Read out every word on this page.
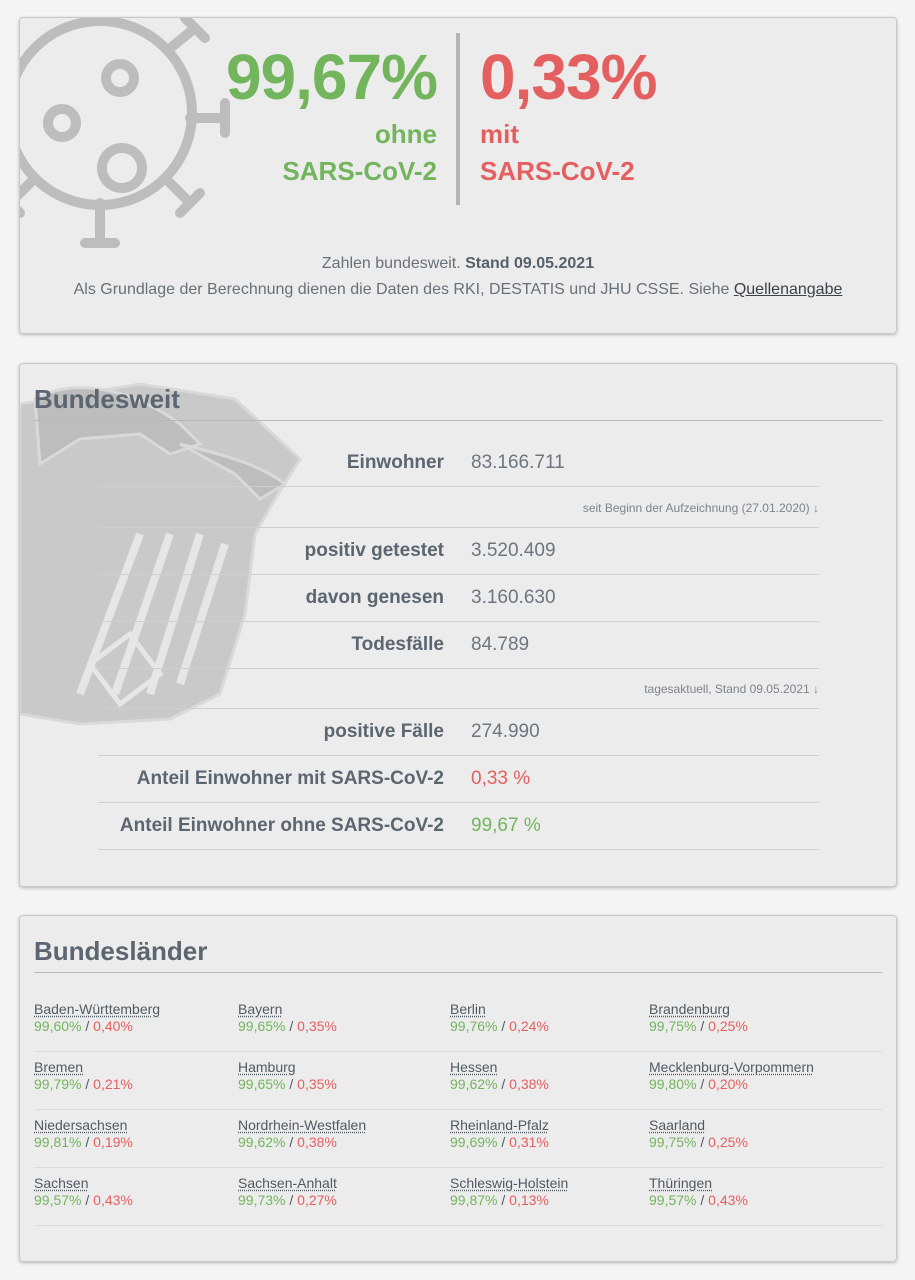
99,67%
ohne
SARS-CoV-2
0,33%
mit
SARS-CoV-2
Zahlen bundesweit. Stand 09.05.2021
Als Grundlage der Berechnung dienen die Daten des RKI, DESTATIS und JHU CSSE. Siehe Quellenangabe
Bundesweit
Einwohner 83.166.711
seit Beginn der Aufzeichnung (27.01.2020) ↓
positiv getestet 3.520.409
davon genesen 3.160.630
Todesfälle 84.789
tagesaktuell, Stand 09.05.2021 ↓
positive Fälle 274.990
Anteil Einwohner mit SARS-CoV-2 0,33 %
Anteil Einwohner ohne SARS-CoV-2 99,67 %
Bundesländer
Baden-Württemberg
99,60% / 0,40%
Bayern
99,65% / 0,35%
Berlin
99,76% / 0,24%
Brandenburg
99,75% / 0,25%
Bremen
99,79% / 0,21%
Hamburg
99,65% / 0,35%
Hessen
99,62% / 0,38%
Mecklenburg-Vorpommern
99,80% / 0,20%
Niedersachsen
99,81% / 0,19%
Nordrhein-Westfalen
99,62% / 0,38%
Rheinland-Pfalz
99,69% / 0,31%
Saarland
99,75% / 0,25%
Sachsen
99,57% / 0,43%
Sachsen-Anhalt
99,73% / 0,27%
Schleswig-Holstein
99,87% / 0,13%
Thüringen
99,57% / 0,43%
